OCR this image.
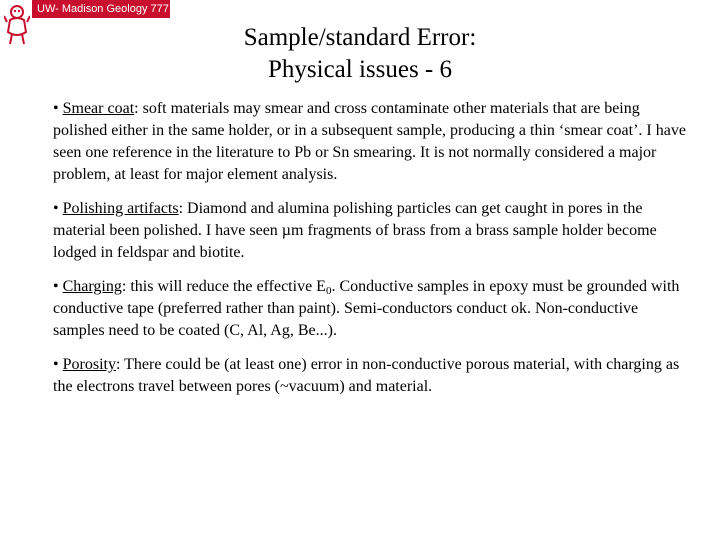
UW- Madison Geology 777
Sample/standard Error:
Physical issues - 6
• Smear coat: soft materials may smear and cross contaminate other materials that are being polished either in the same holder, or in a subsequent sample, producing a thin ‘smear coat’. I have seen one reference in the literature to Pb or Sn smearing. It is not normally considered a major problem, at least for major element analysis.
• Polishing artifacts: Diamond and alumina polishing particles can get caught in pores in the material been polished. I have seen µm fragments of brass from a brass sample holder become lodged in feldspar and biotite.
• Charging: this will reduce the effective $E_0$. Conductive samples in epoxy must be grounded with conductive tape (preferred rather than paint). Semi-conductors conduct ok. Non-conductive samples need to be coated (C, Al, Ag, Be...).
• Porosity: There could be (at least one) error in non-conductive porous material, with charging as the electrons travel between pores (~vacuum) and material.
